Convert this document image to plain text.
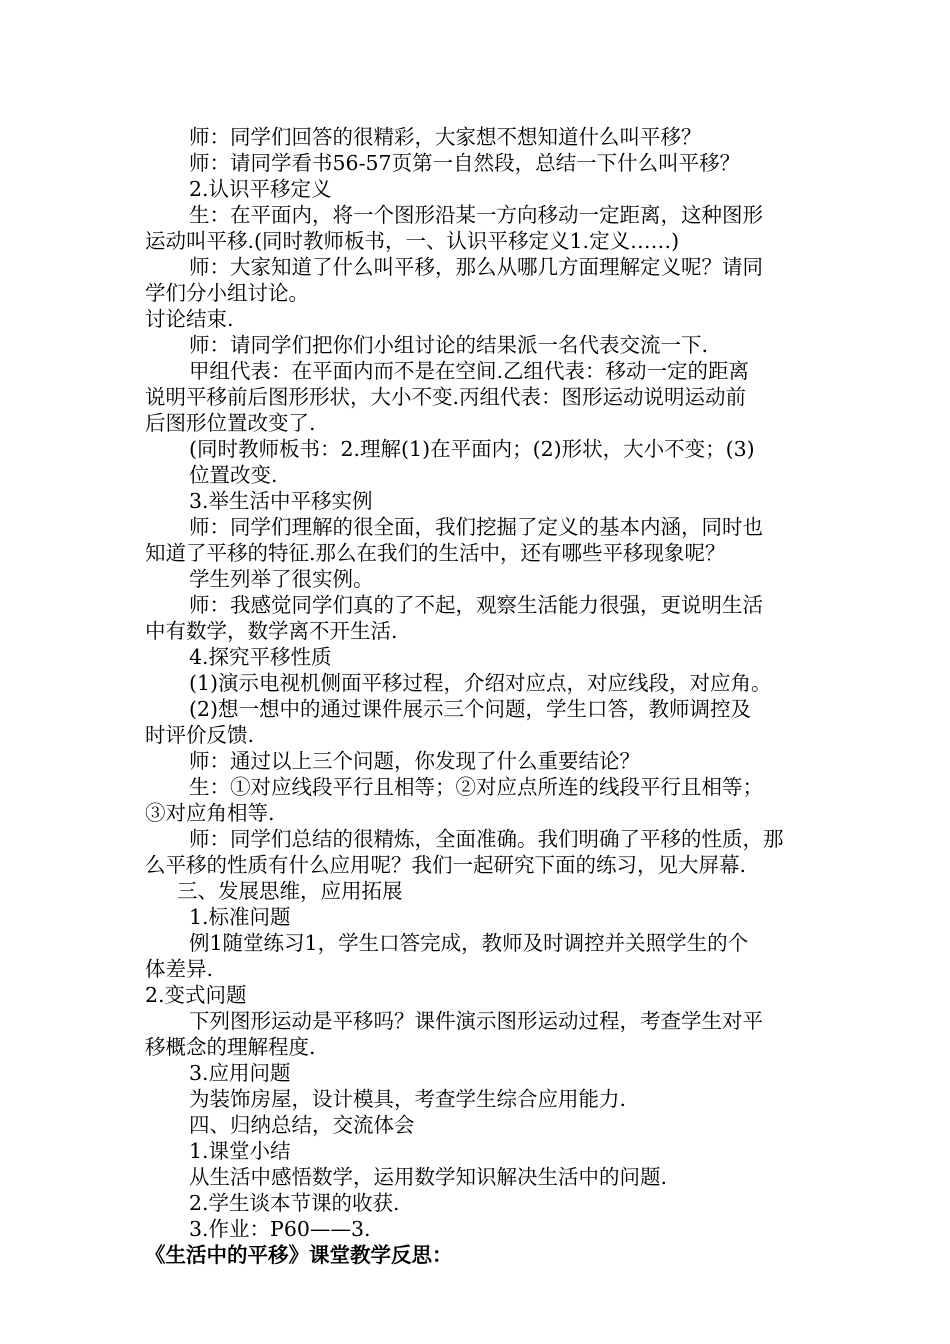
师：同学们回答的很精彩，大家想不想知道什么叫平移？
师：请同学看书56-57页第一自然段，总结一下什么叫平移？
2.认识平移定义
生：在平面内，将一个图形沿某一方向移动一定距离，这种图形
运动叫平移.(同时教师板书，一、认识平移定义1.定义……)
师：大家知道了什么叫平移，那么从哪几方面理解定义呢？请同
学们分小组讨论。
讨论结束.
师：请同学们把你们小组讨论的结果派一名代表交流一下.
甲组代表：在平面内而不是在空间.乙组代表：移动一定的距离
说明平移前后图形形状，大小不变.丙组代表：图形运动说明运动前
后图形位置改变了.
(同时教师板书：2.理解(1)在平面内；(2)形状，大小不变；(3)
位置改变.
3.举生活中平移实例
师：同学们理解的很全面，我们挖掘了定义的基本内涵，同时也
知道了平移的特征.那么在我们的生活中，还有哪些平移现象呢？
学生列举了很实例。
师：我感觉同学们真的了不起，观察生活能力很强，更说明生活
中有数学，数学离不开生活.
4.探究平移性质
(1)演示电视机侧面平移过程，介绍对应点，对应线段，对应角。
(2)想一想中的通过课件展示三个问题，学生口答，教师调控及
时评价反馈.
师：通过以上三个问题，你发现了什么重要结论？
生：①对应线段平行且相等；②对应点所连的线段平行且相等；
③对应角相等.
师：同学们总结的很精炼，全面准确。我们明确了平移的性质，那
么平移的性质有什么应用呢？我们一起研究下面的练习，见大屏幕.
三、发展思维，应用拓展
1.标准问题
例1随堂练习1，学生口答完成，教师及时调控并关照学生的个
体差异.
2.变式问题
下列图形运动是平移吗？课件演示图形运动过程，考查学生对平
移概念的理解程度.
3.应用问题
为装饰房屋，设计模具，考查学生综合应用能力.
四、归纳总结，交流体会
1.课堂小结
从生活中感悟数学，运用数学知识解决生活中的问题.
2.学生谈本节课的收获.
3.作业：P60——3.
《生活中的平移》课堂教学反思：
